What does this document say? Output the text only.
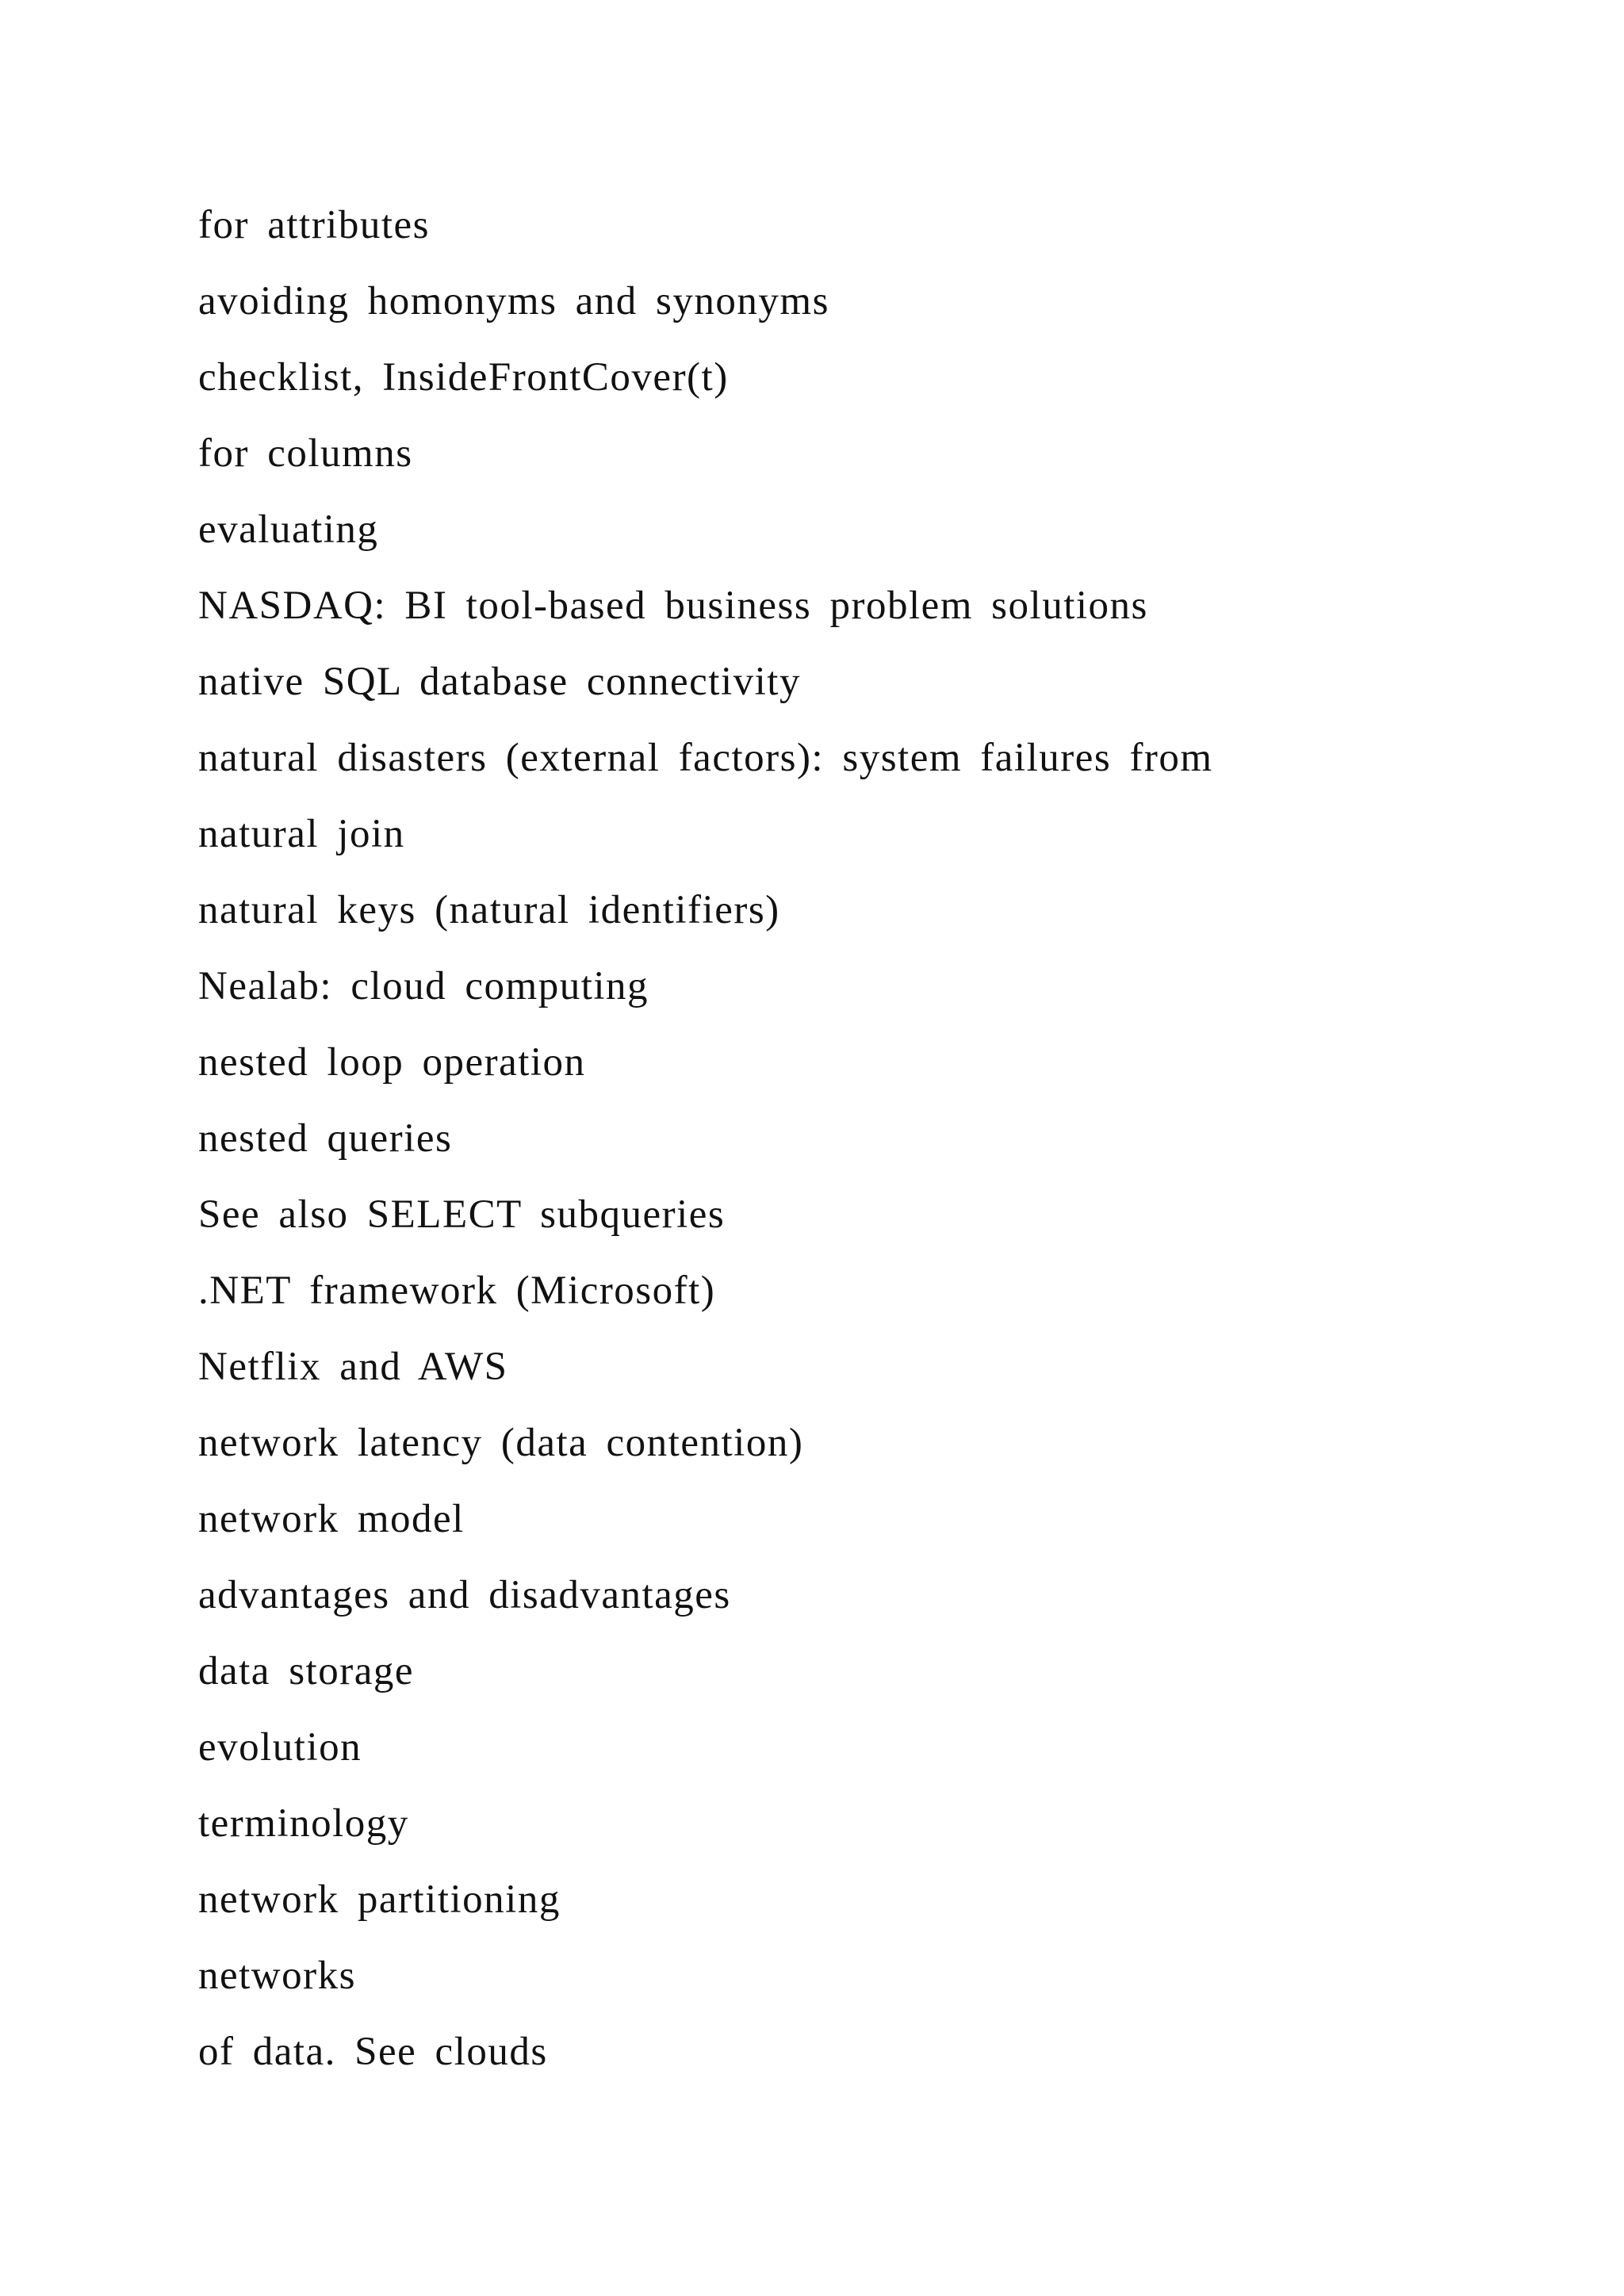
for attributes
avoiding homonyms and synonyms
checklist, InsideFrontCover(t)
for columns
evaluating
NASDAQ: BI tool-based business problem solutions
native SQL database connectivity
natural disasters (external factors): system failures from
natural join
natural keys (natural identifiers)
Nealab: cloud computing
nested loop operation
nested queries
See also SELECT subqueries
.NET framework (Microsoft)
Netflix and AWS
network latency (data contention)
network model
advantages and disadvantages
data storage
evolution
terminology
network partitioning
networks
of data. See clouds
